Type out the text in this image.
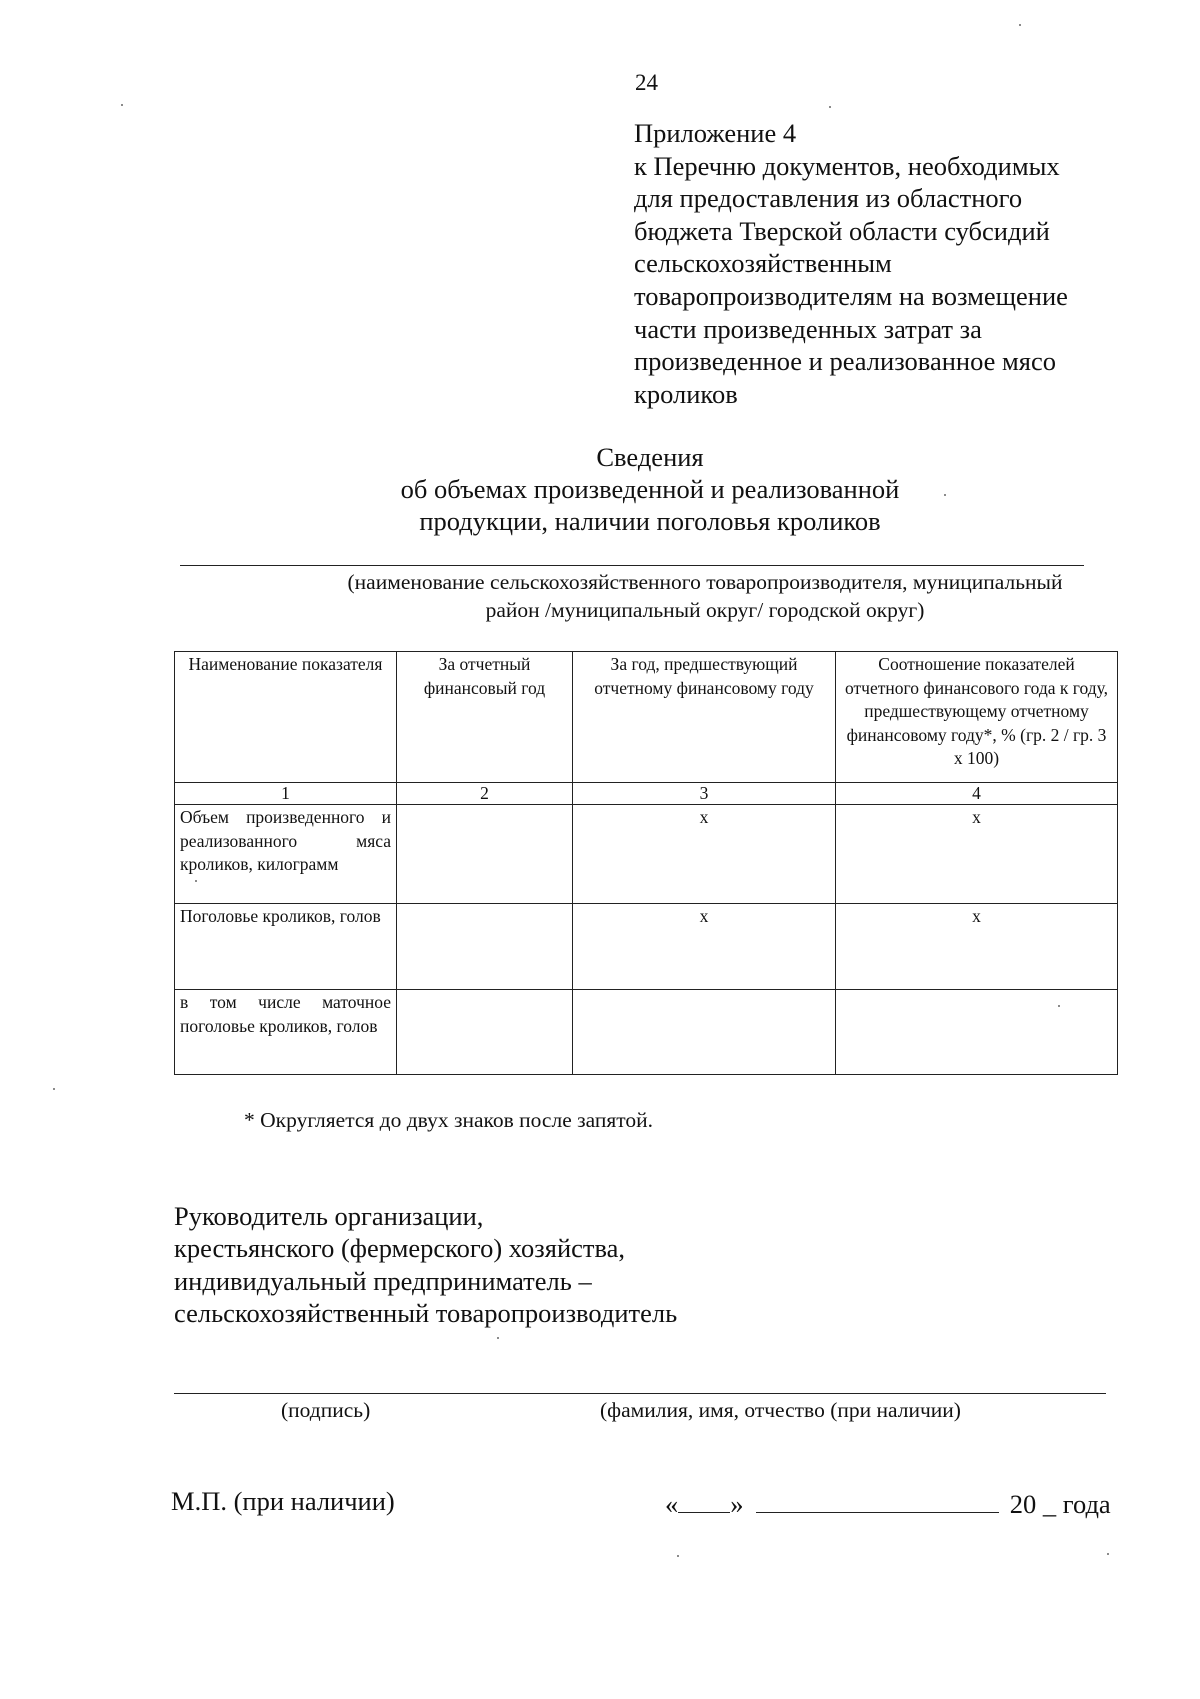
24
Приложение 4
к Перечню документов, необходимых
для предоставления из областного
бюджета Тверской области субсидий
сельскохозяйственным
товаропроизводителям на возмещение
части произведенных затрат за
произведенное и реализованное мясо
кроликов
Сведения
об объемах произведенной и реализованной
продукции, наличии поголовья кроликов
(наименование сельскохозяйственного товаропроизводителя, муниципальный
район /муниципальный округ/ городской округ)
Наименование показателя	За отчетный финансовый год	За год, предшествующий отчетному финансовому году	Соотношение показателей отчетного финансового года к году, предшествующему отчетному финансовому году*, % (гр. 2 / гр. 3 х 100)
1	2	3	4
Объем произведенного и реализованного мяса кроликов, килограмм		х	х
Поголовье кроликов, голов		х	х
в том числе маточное поголовье кроликов, голов			
* Округляется до двух знаков после запятой.
Руководитель организации,
крестьянского (фермерского) хозяйства,
индивидуальный предприниматель –
сельскохозяйственный товаропроизводитель
(подпись)	(фамилия, имя, отчество (при наличии)
М.П. (при наличии)	« »	20 _ года
